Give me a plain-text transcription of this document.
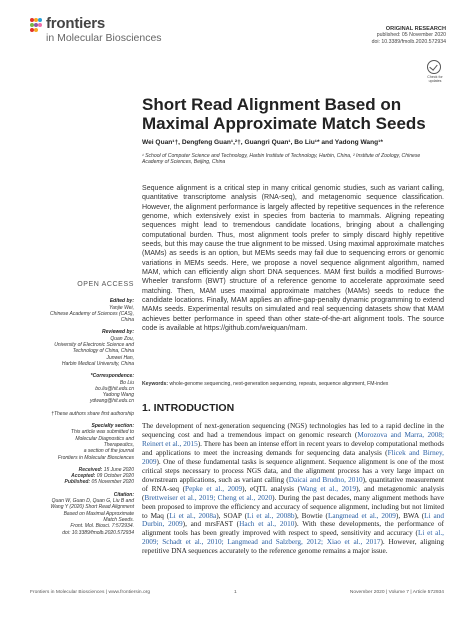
frontiers
in Molecular Biosciences
ORIGINAL RESEARCH
published: 05 November 2020
doi: 10.3389/fmolb.2020.572934
Check for updates
OPEN ACCESS
Edited by:
Yanjie Wei,
Chinese Academy of Sciences (CAS),
China
Reviewed by:
Quan Zou,
University of Electronic Science and
Technology of China, China
Junwei Han,
Harbin Medical University, China
*Correspondence:
Bo Liu
bo.liu@hit.edu.cn
Yadong Wang
ydwang@hit.edu.cn
†These authors share first authorship
Specialty section:
This article was submitted to
Molecular Diagnostics and
Therapeutics,
a section of the journal
Frontiers in Molecular Biosciences
Received: 15 June 2020
Accepted: 09 October 2020
Published: 05 November 2020
Citation:
Quan W, Guan D, Quan G, Liu B and
Wang Y (2020) Short Read Alignment
Based on Maximal Approximate
Match Seeds.
Front. Mol. Biosci. 7:572934.
doi: 10.3389/fmolb.2020.572934
Short Read Alignment Based on Maximal Approximate Match Seeds
Wei Quan¹†, Dengfeng Guan¹,²†, Guangri Quan¹, Bo Liu¹* and Yadong Wang¹*
¹ School of Computer Science and Technology, Harbin Institute of Technology, Harbin, China, ² Institute of Zoology, Chinese
Academy of Sciences, Beijing, China
Sequence alignment is a critical step in many critical genomic studies, such as variant calling, quantitative transcriptome analysis (RNA-seq), and metagenomic sequence classification. However, the alignment performance is largely affected by repetitive sequences in the reference genome, which extensively exist in species from bacteria to mammals. Aligning repeating sequences might lead to tremendous candidate locations, bringing about a challenging computational burden. Thus, most alignment tools prefer to simply discard highly repetitive seeds, but this may cause the true alignment to be missed. Using maximal approximate matches (MAMs) as seeds is an option, but MEMs seeds may fail due to sequencing errors or genomic variations in MEMs seeds. Here, we propose a novel sequence alignment algorithm, named MAM, which can efficiently align short DNA sequences. MAM first builds a modified Burrows-Wheeler transform (BWT) structure of a reference genome to accelerate approximate seed matching. Then, MAM uses maximal approximate matches (MAMs) seeds to reduce the candidate locations. Finally, MAM applies an affine-gap-penalty dynamic programming to extend MAMs seeds. Experimental results on simulated and real sequencing datasets show that MAM achieves better performance in speed than other state-of-the-art alignment tools. The source code is available at https://github.com/weiquan/mam.
Keywords: whole-genome sequencing, next-generation sequencing, repeats, sequence alignment, FM-index
1. INTRODUCTION
The development of next-generation sequencing (NGS) technologies has led to a rapid decline in the sequencing cost and had a tremendous impact on genomic research (Morozova and Marra, 2008; Reinert et al., 2015). There has been an intense effort in recent years to develop computational methods and applications to meet the increasing demands for sequencing data analysis (Flicek and Birney, 2009). One of these fundamental tasks is sequence alignment. Sequence alignment is one of the most critical steps necessary to process NGS data, and the alignment process has a very large impact on downstream applications, such as variant calling (Daicai and Brudno, 2010), quantitative measurement of RNA-seq (Pepke et al., 2009), eQTL analysis (Wang et al., 2019), and metagenomic analysis (Brettweiser et al., 2019; Cheng et al., 2020). During the past decades, many alignment methods have been proposed to improve the efficiency and accuracy of sequence alignment, including but not limited to Maq (Li et al., 2008a), SOAP (Li et al., 2008b), Bowtie (Langmead et al., 2009), BWA (Li and Durbin, 2009), and mrsFAST (Hach et al., 2010). With these developments, the performance of alignment tools has been greatly improved with respect to speed, sensitivity and accuracy (Li et al., 2009; Schadt et al., 2010; Langmead and Salzberg, 2012; Xiao et al., 2017). However, aligning repetitive DNA sequences accurately to the reference genome remains a major issue.
Frontiers in Molecular Biosciences | www.frontiersin.org	1	November 2020 | Volume 7 | Article 572934
